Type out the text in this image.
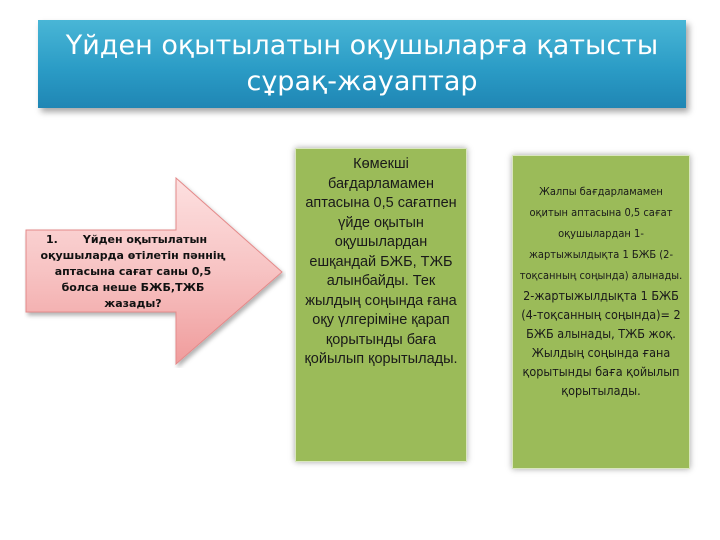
Үйден оқытылатын оқушыларға қатысты сұрақ-жауаптар
1.	Үйден оқытылатын
оқушыларда өтілетін пәннің аптасына сағат саны 0,5 болса неше БЖБ,ТЖБ жазады?
Көмекші бағдарламамен аптасына 0,5 сағатпен үйде оқытын оқушылардан ешқандай БЖБ, ТЖБ алынбайды. Тек жылдың соңында ғана оқу үлгеріміне қарап қорытынды баға қойылып қорытылады.
Жалпы бағдарламамен оқитын аптасына 0,5 сағат оқушылардан 1-жартыжылдықта 1 БЖБ (2-тоқсанның соңында) алынады. 2-жартыжылдықта 1 БЖБ (4-тоқсанның соңында)= 2 БЖБ алынады, ТЖБ жоқ. Жылдың соңында ғана қорытынды баға қойылып қорытылады.
